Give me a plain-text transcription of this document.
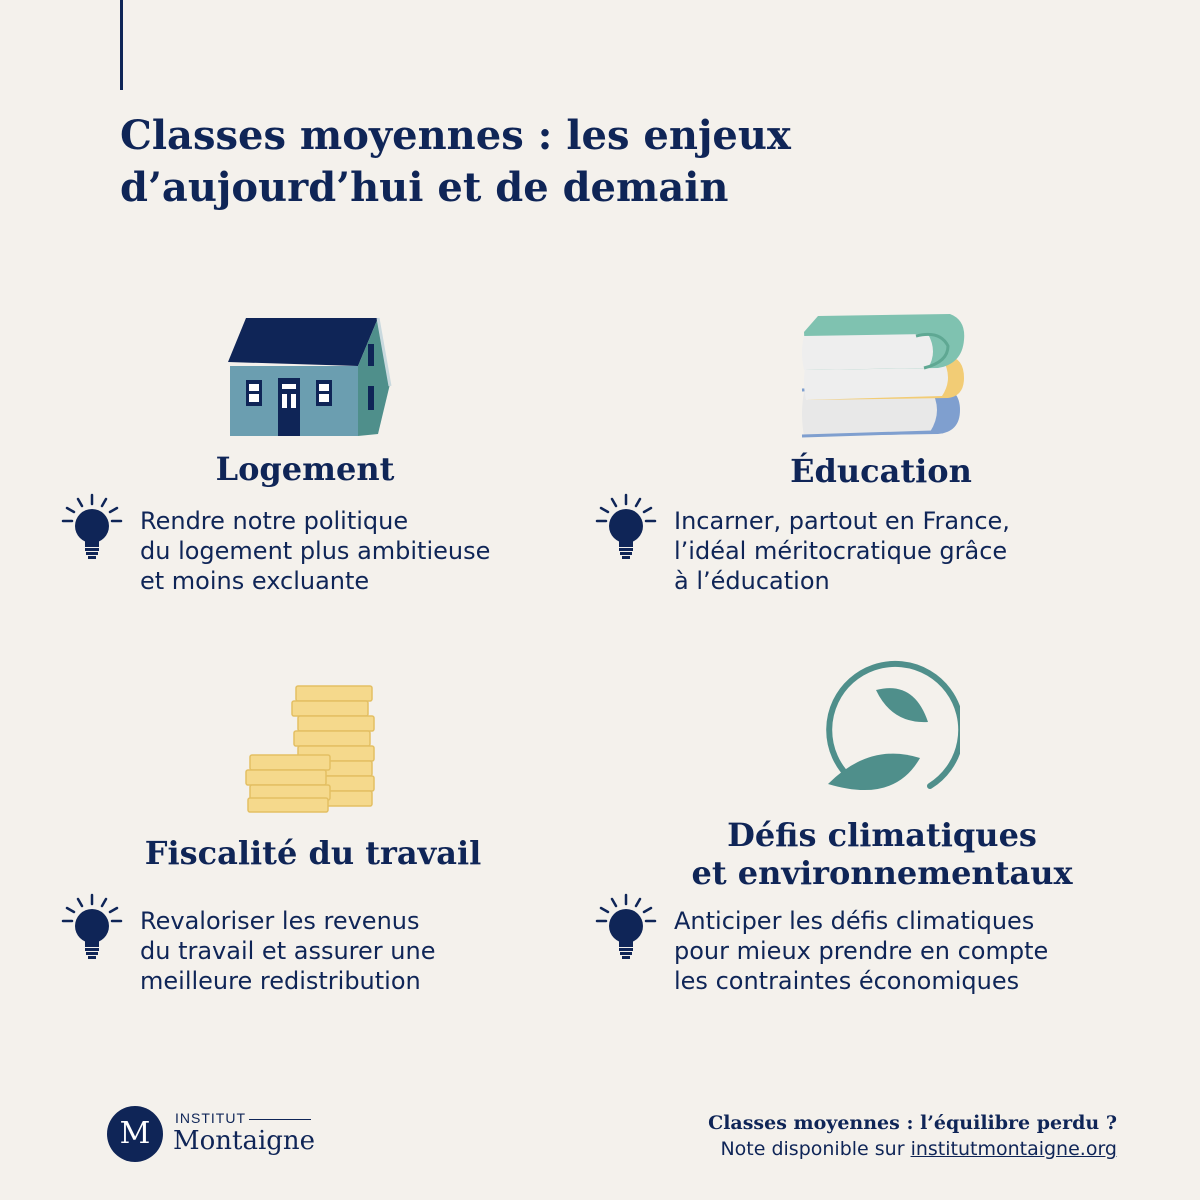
Classes moyennes : les enjeux
d’aujourd’hui et de demain
Logement

Rendre notre politique
du logement plus ambitieuse
et moins excluante

Éducation

Incarner, partout en France,
l’idéal méritocratique grâce
à l’éducation

Fiscalité du travail

Revaloriser les revenus
du travail et assurer une
meilleure redistribution

Défis climatiques
et environnementaux

Anticiper les défis climatiques
pour mieux prendre en compte
les contraintes économiques

M	INSTITUT
Montaigne
Classes moyennes : l’équilibre perdu ?
Note disponible sur institutmontaigne.org
